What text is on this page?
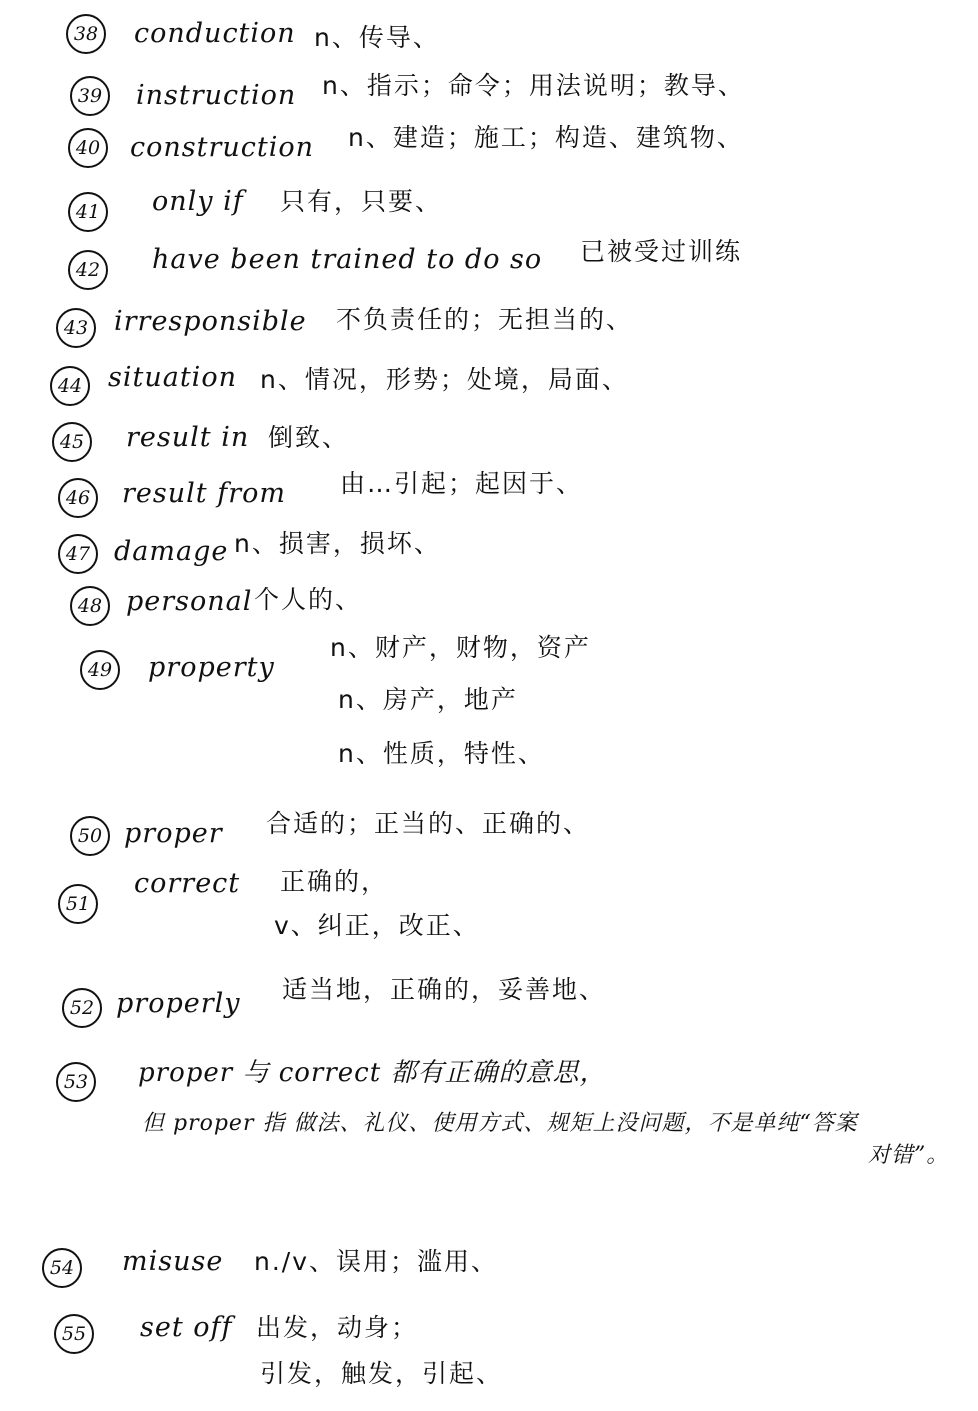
38 conduction n、传导、
39 instruction n、指示；命令；用法说明；教导、
40 construction n、建造；施工；构造、建筑物、
41 only if 只有，只要、
42 have been trained to do so 已被受过训练
43 irresponsible 不负责任的；无担当的、
44 situation n、情况，形势；处境，局面、
45 result in 倒致、
46 result from 由…引起；起因于、
47 damage n、损害，损坏、
48 personal 个人的、
49 property
n、财产，财物，资产
n、房产，地产
n、性质，特性、
50 proper 合适的；正当的、正确的、
51
correct 正确的，
v、纠正，改正、
52 properly 适当地，正确的，妥善地、
53	proper 与 correct 都有正确的意思，
但 proper 指 做法、礼仪、使用方式、规矩上没问题，不是单纯“答案
对错”。
54 misuse n./v、误用；滥用、
55 set off 出发，动身；
引发，触发，引起、
